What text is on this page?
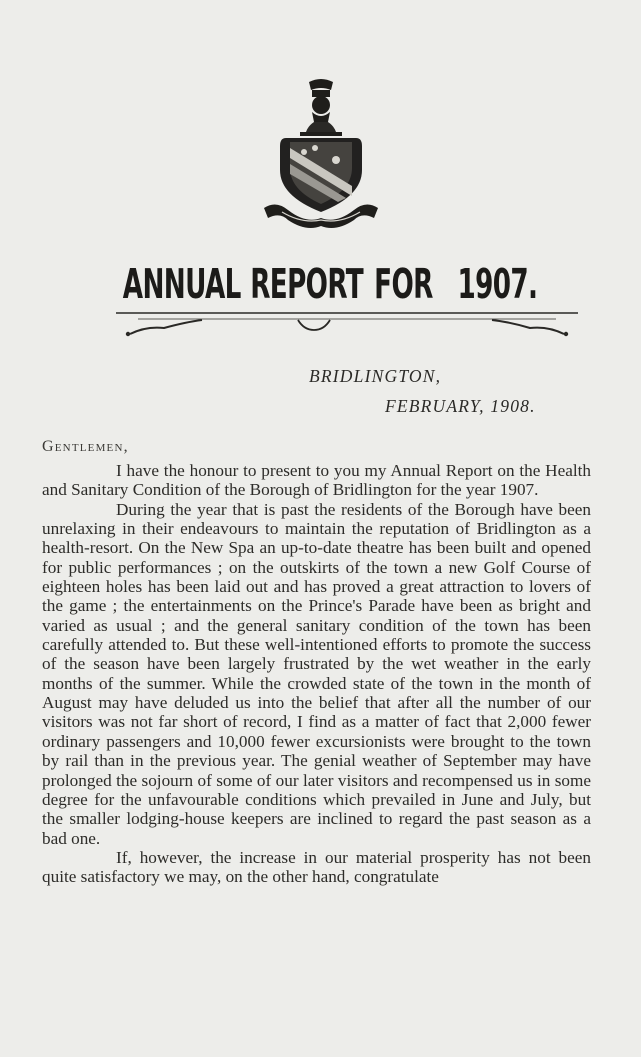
ANNUAL REPORT FOR 1907.
BRIDLINGTON,
FEBRUARY, 1908.
Gentlemen,

I have the honour to present to you my Annual Report on the Health and Sanitary Condition of the Borough of Bridlington for the year 1907.

During the year that is past the residents of the Borough have been unrelaxing in their endeavours to maintain the reputation of Bridlington as a health-resort. On the New Spa an up-to-date theatre has been built and opened for public performances ; on the outskirts of the town a new Golf Course of eighteen holes has been laid out and has proved a great attraction to lovers of the game ; the entertainments on the Prince's Parade have been as bright and varied as usual ; and the general sanitary condition of the town has been carefully attended to. But these well-intentioned efforts to promote the success of the season have been largely frustrated by the wet weather in the early months of the summer. While the crowded state of the town in the month of August may have deluded us into the belief that after all the number of our visitors was not far short of record, I find as a matter of fact that 2,000 fewer ordinary passengers and 10,000 fewer excursionists were brought to the town by rail than in the previous year. The genial weather of September may have prolonged the sojourn of some of our later visitors and recompensed us in some degree for the unfavourable conditions which prevailed in June and July, but the smaller lodging-house keepers are inclined to regard the past season as a bad one.

If, however, the increase in our material prosperity has not been quite satisfactory we may, on the other hand, congratulate
